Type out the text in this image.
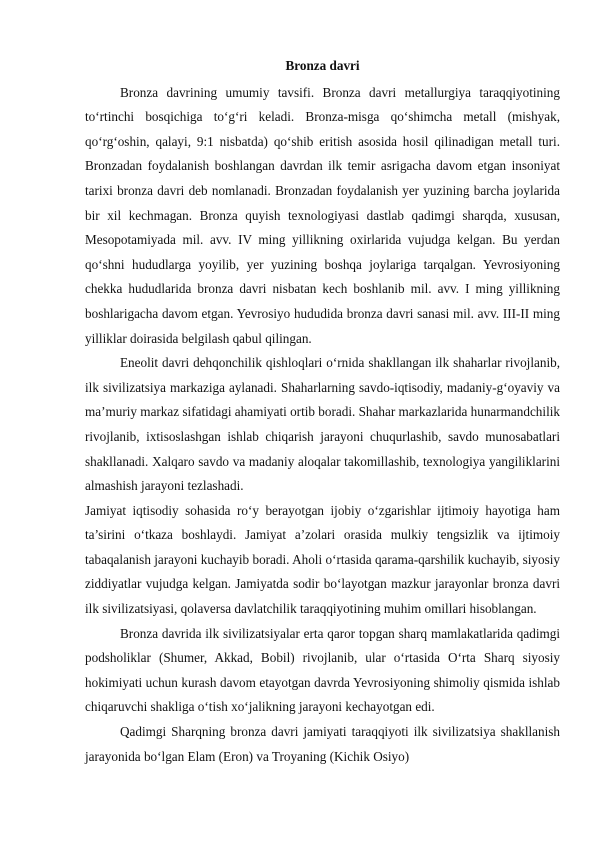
Bronza davri

Bronza davrining umumiy tavsifi. Bronza davri metallurgiya taraqqiyotining to‘rtinchi bosqichiga to‘g‘ri keladi. Bronza-misga qo‘shimcha metall (mishyak, qo‘rg‘oshin, qalayi, 9:1 nisbatda) qo‘shib eritish asosida hosil qilinadigan metall turi. Bronzadan foydalanish boshlangan davrdan ilk temir asrigacha davom etgan insoniyat tarixi bronza davri deb nomlanadi. Bronzadan foydalanish yer yuzining barcha joylarida bir xil kechmagan. Bronza quyish texnologiyasi dastlab qadimgi sharqda, xususan, Mesopotamiyada mil. avv. IV ming yillikning oxirlarida vujudga kelgan. Bu yerdan qo‘shni hududlarga yoyilib, yer yuzining boshqa joylariga tarqalgan. Yevrosiyoning chekka hududlarida bronza davri nisbatan kech boshlanib mil. avv. I ming yillikning boshlarigacha davom etgan. Yevrosiyo hududida bronza davri sanasi mil. avv. III-II ming yilliklar doirasida belgilash qabul qilingan.

Eneolit davri dehqonchilik qishloqlari o‘rnida shakllangan ilk shaharlar rivojlanib, ilk sivilizatsiya markaziga aylanadi. Shaharlarning savdo-iqtisodiy, madaniy-g‘oyaviy va ma’muriy markaz sifatidagi ahamiyati ortib boradi. Shahar markazlarida hunarmandchilik rivojlanib, ixtisoslashgan ishlab chiqarish jarayoni chuqurlashib, savdo munosabatlari shakllanadi. Xalqaro savdo va madaniy aloqalar takomillashib, texnologiya yangiliklarini almashish jarayoni tezlashadi.

Jamiyat iqtisodiy sohasida ro‘y berayotgan ijobiy o‘zgarishlar ijtimoiy hayotiga ham ta’sirini o‘tkaza boshlaydi. Jamiyat a’zolari orasida mulkiy tengsizlik va ijtimoiy tabaqalanish jarayoni kuchayib boradi. Aholi o‘rtasida qarama-qarshilik kuchayib, siyosiy ziddiyatlar vujudga kelgan. Jamiyatda sodir bo‘layotgan mazkur jarayonlar bronza davri ilk sivilizatsiyasi, qolaversa davlatchilik taraqqiyotining muhim omillari hisoblangan.

Bronza davrida ilk sivilizatsiyalar erta qaror topgan sharq mamlakatlarida qadimgi podsholiklar (Shumer, Akkad, Bobil) rivojlanib, ular o‘rtasida O‘rta Sharq siyosiy hokimiyati uchun kurash davom etayotgan davrda Yevrosiyoning shimoliy qismida ishlab chiqaruvchi shakliga o‘tish xo‘jalikning jarayoni kechayotgan edi.

Qadimgi Sharqning bronza davri jamiyati taraqqiyoti ilk sivilizatsiya shakllanish jarayonida bo‘lgan Elam (Eron) va Troyaning (Kichik Osiyo)
